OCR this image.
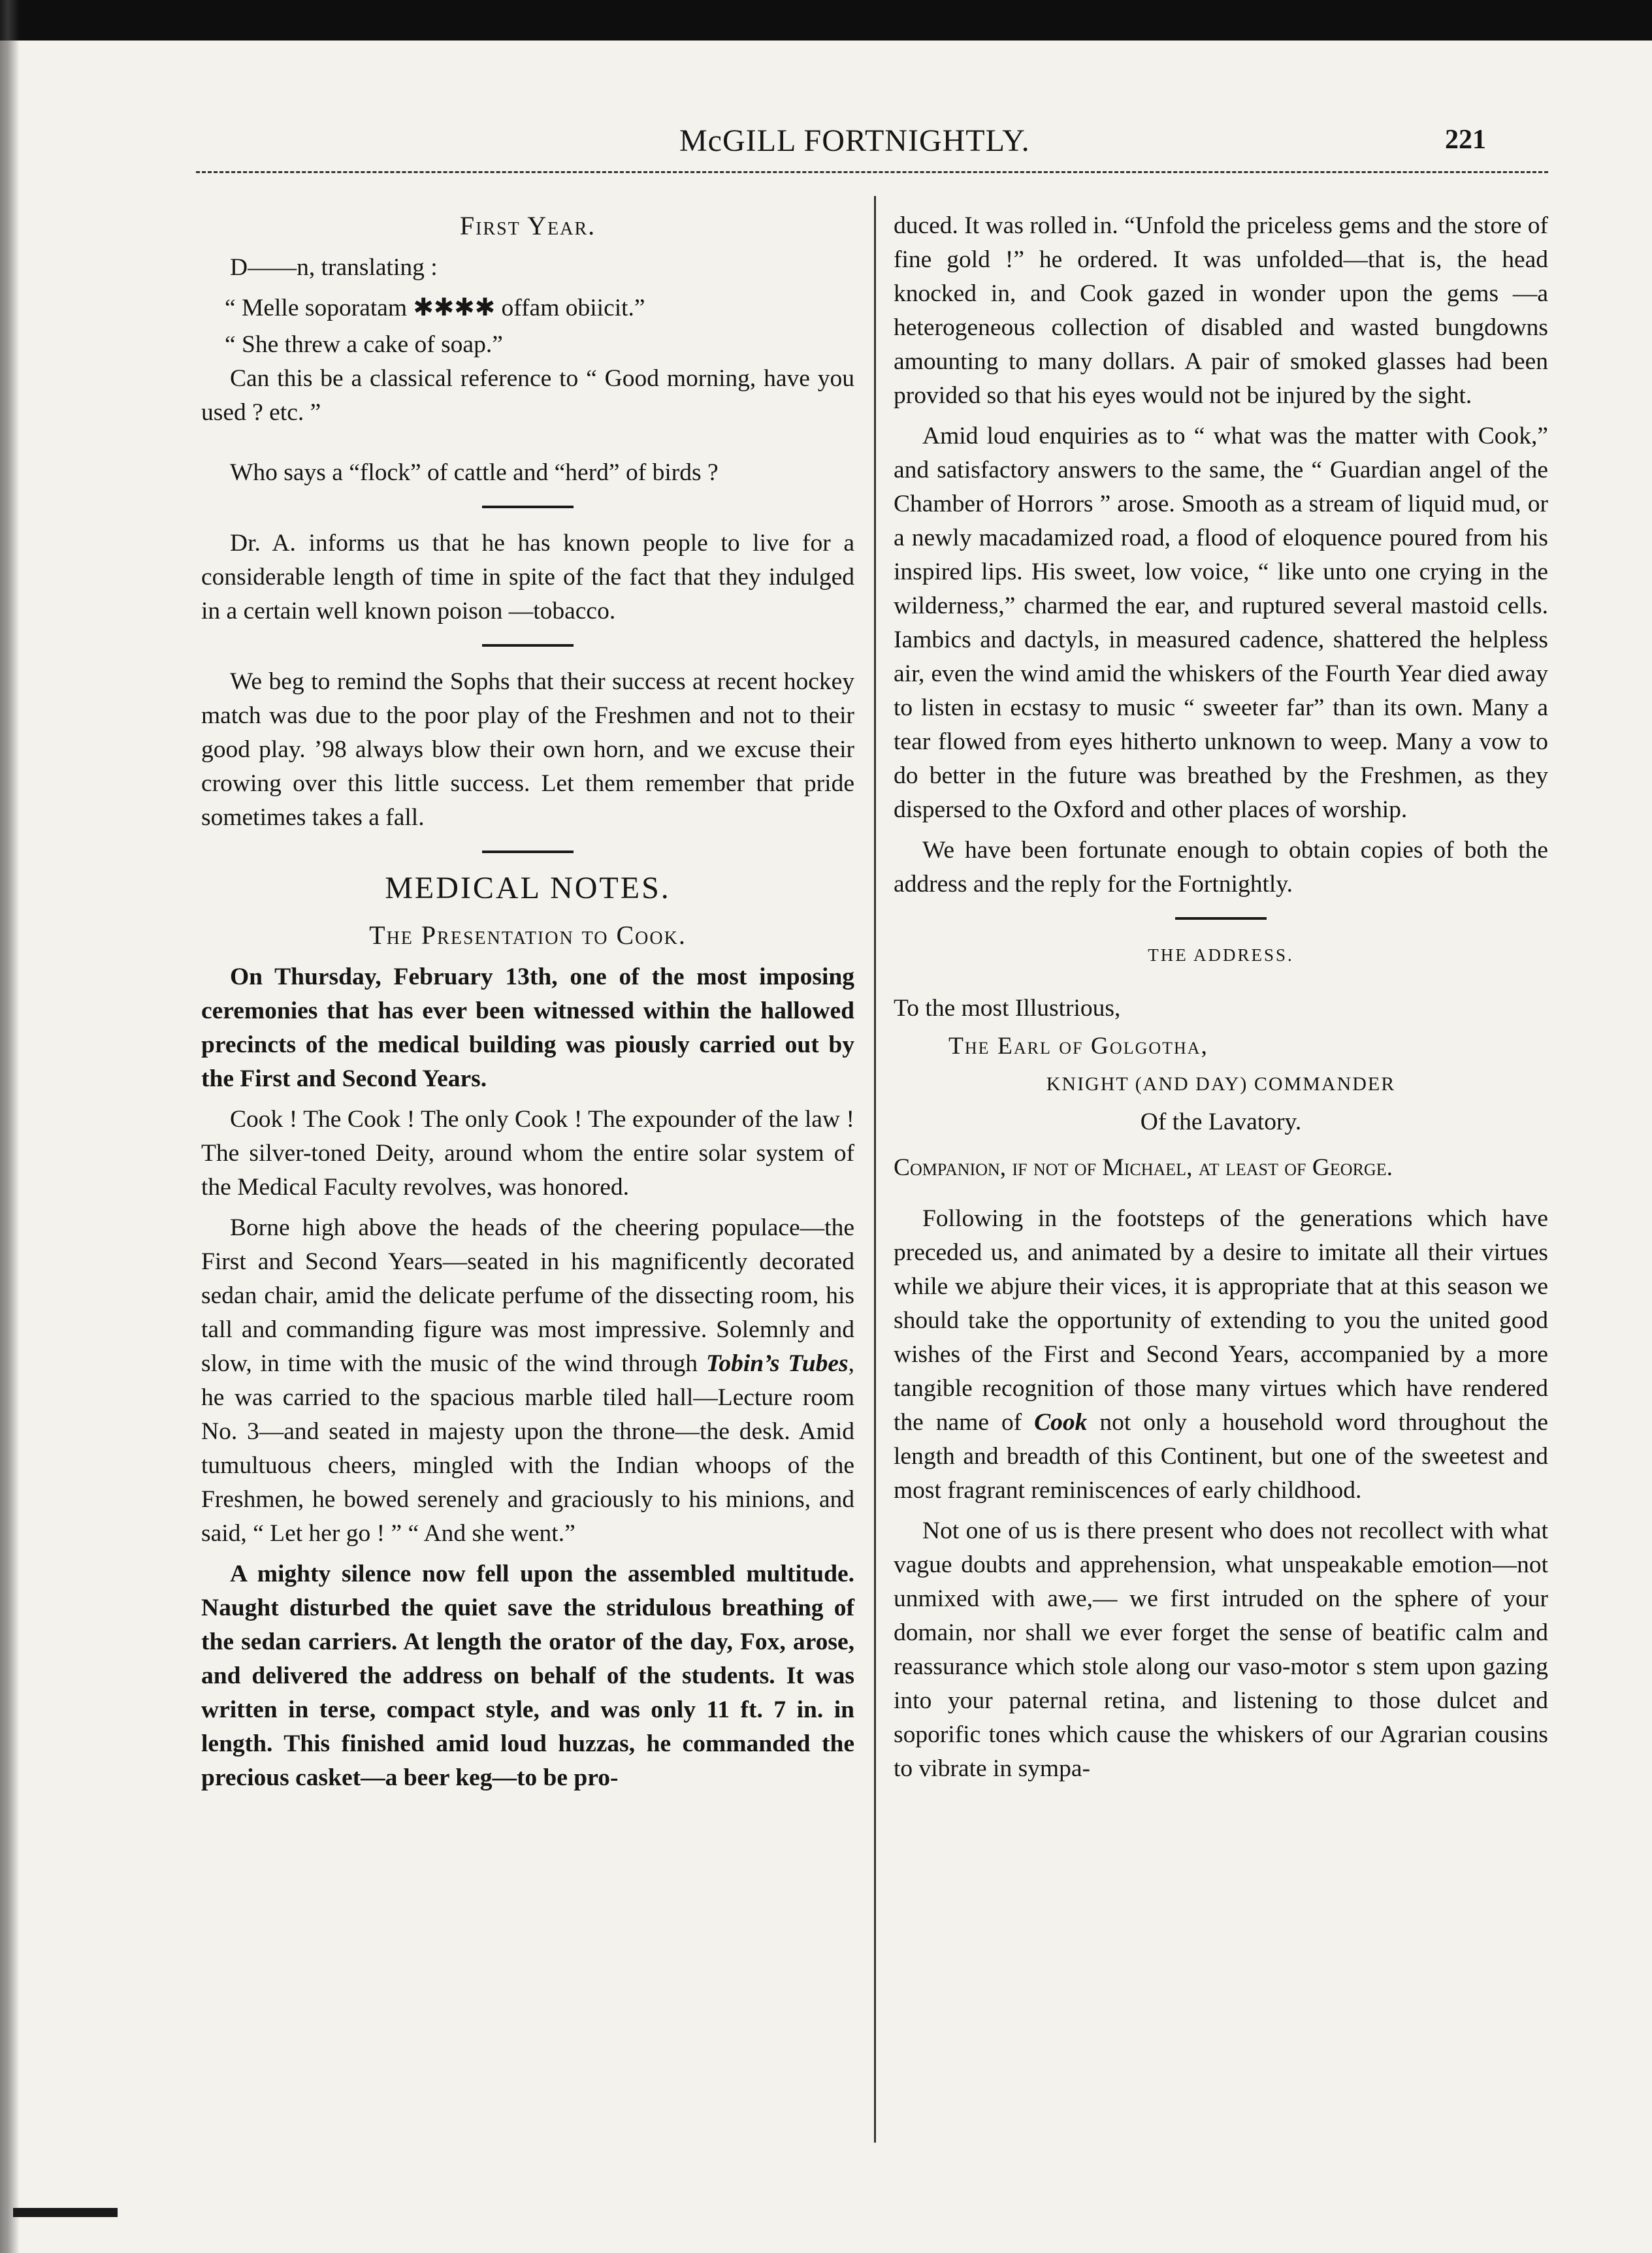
McGILL FORTNIGHTLY.	221

First Year.

D——n, translating :

“ Melle soporatam ✱✱✱✱ offam obiicit.”

“ She threw a cake of soap.”

Can this be a classical reference to “ Good morning, have you used ? etc. ”

Who says a “flock” of cattle and “herd” of birds ?

Dr. A. informs us that he has known people to live for a considerable length of time in spite of the fact that they indulged in a certain well known poison —tobacco.

We beg to remind the Sophs that their success at recent hockey match was due to the poor play of the Freshmen and not to their good play. ’98 always blow their own horn, and we excuse their crowing over this little success. Let them remember that pride sometimes takes a fall.

MEDICAL NOTES.

The Presentation to Cook.

On Thursday, February 13th, one of the most imposing ceremonies that has ever been witnessed within the hallowed precincts of the medical building was piously carried out by the First and Second Years.

Cook ! The Cook ! The only Cook ! The expounder of the law ! The silver-toned Deity, around whom the entire solar system of the Medical Faculty revolves, was honored.

Borne high above the heads of the cheering populace—the First and Second Years—seated in his magnificently decorated sedan chair, amid the delicate perfume of the dissecting room, his tall and commanding figure was most impressive. Solemnly and slow, in time with the music of the wind through Tobin’s Tubes, he was carried to the spacious marble tiled hall—Lecture room No. 3—and seated in majesty upon the throne—the desk. Amid tumultuous cheers, mingled with the Indian whoops of the Freshmen, he bowed serenely and graciously to his minions, and said, “ Let her go ! ” “ And she went.”

A mighty silence now fell upon the assembled multitude. Naught disturbed the quiet save the stridulous breathing of the sedan carriers. At length the orator of the day, Fox, arose, and delivered the address on behalf of the students. It was written in terse, compact style, and was only 11 ft. 7 in. in length. This finished amid loud huzzas, he commanded the precious casket—a beer keg—to be pro-

duced. It was rolled in. “Unfold the priceless gems and the store of fine gold !” he ordered. It was unfolded—that is, the head knocked in, and Cook gazed in wonder upon the gems —a heterogeneous collection of disabled and wasted bungdowns amounting to many dollars. A pair of smoked glasses had been provided so that his eyes would not be injured by the sight.

Amid loud enquiries as to “ what was the matter with Cook,” and satisfactory answers to the same, the “ Guardian angel of the Chamber of Horrors ” arose. Smooth as a stream of liquid mud, or a newly macadamized road, a flood of eloquence poured from his inspired lips. His sweet, low voice, “ like unto one crying in the wilderness,” charmed the ear, and ruptured several mastoid cells. Iambics and dactyls, in measured cadence, shattered the helpless air, even the wind amid the whiskers of the Fourth Year died away to listen in ecstasy to music “ sweeter far” than its own. Many a tear flowed from eyes hitherto unknown to weep. Many a vow to do better in the future was breathed by the Freshmen, as they dispersed to the Oxford and other places of worship.

We have been fortunate enough to obtain copies of both the address and the reply for the Fortnightly.

THE ADDRESS.

To the most Illustrious,

The Earl of Golgotha,

KNIGHT (AND DAY) COMMANDER

Of the Lavatory.

Companion, if not of Michael, at least of George.

Following in the footsteps of the generations which have preceded us, and animated by a desire to imitate all their virtues while we abjure their vices, it is appropriate that at this season we should take the opportunity of extending to you the united good wishes of the First and Second Years, accompanied by a more tangible recognition of those many virtues which have rendered the name of Cook not only a household word throughout the length and breadth of this Continent, but one of the sweetest and most fragrant reminiscences of early childhood.

Not one of us is there present who does not recollect with what vague doubts and apprehension, what unspeakable emotion—not unmixed with awe,— we first intruded on the sphere of your domain, nor shall we ever forget the sense of beatific calm and reassurance which stole along our vaso-motor s stem upon gazing into your paternal retina, and listening to those dulcet and soporific tones which cause the whiskers of our Agrarian cousins to vibrate in sympa-
